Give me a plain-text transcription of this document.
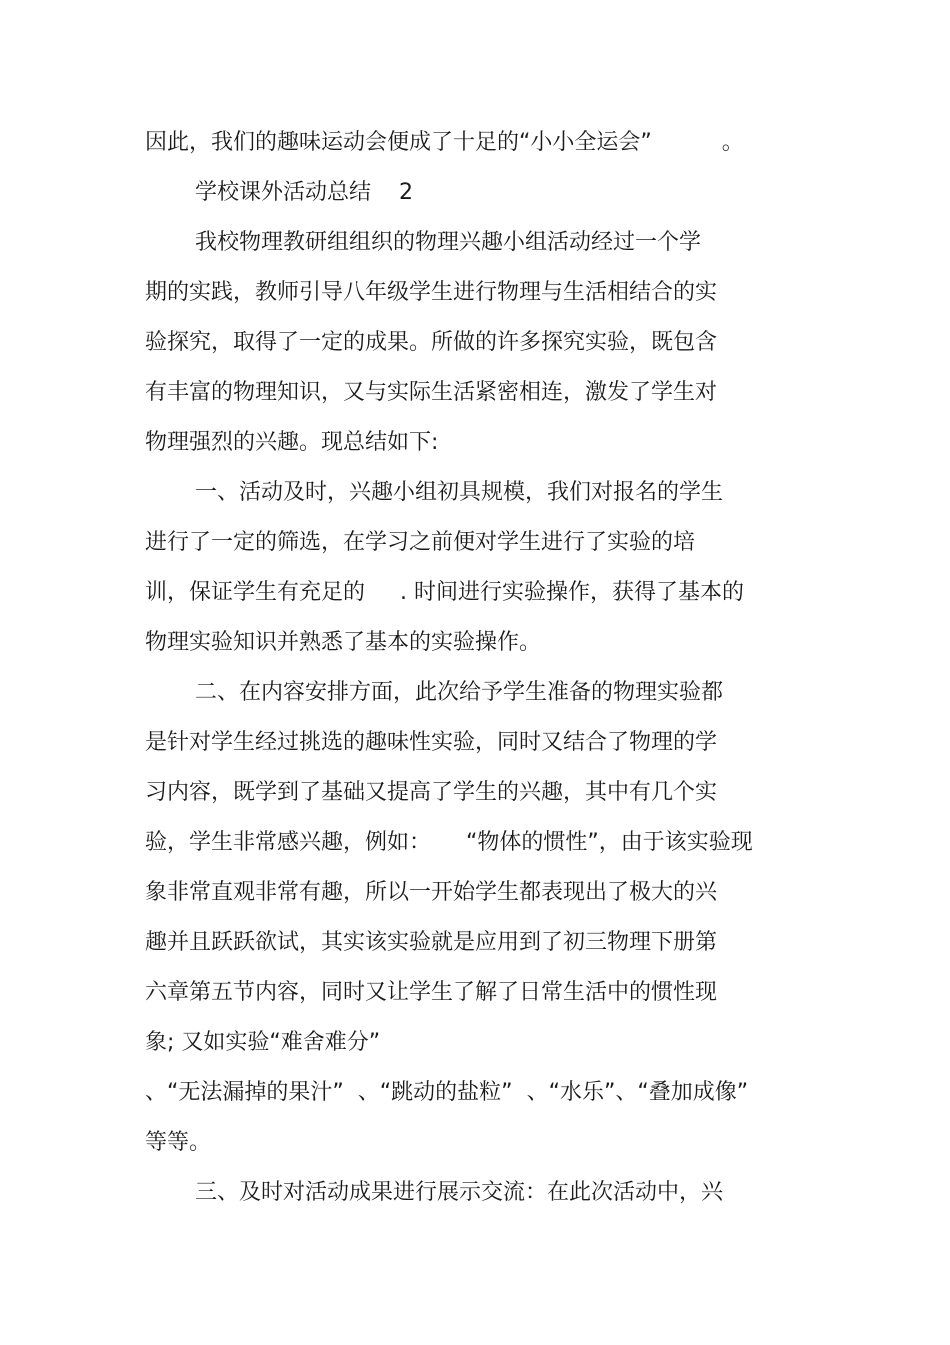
因此，我们的趣味运动会便成了十足的“小小全运会”          。
学校课外活动总结    2
我校物理教研组组织的物理兴趣小组活动经过一个学
期的实践，教师引导八年级学生进行物理与生活相结合的实
验探究，取得了一定的成果。所做的许多探究实验，既包含
有丰富的物理知识，又与实际生活紧密相连，激发了学生对
物理强烈的兴趣。现总结如下:
一、活动及时，兴趣小组初具规模，我们对报名的学生
进行了一定的筛选，在学习之前便对学生进行了实验的培
训，保证学生有充足的     . 时间进行实验操作，获得了基本的
物理实验知识并熟悉了基本的实验操作。
二、在内容安排方面，此次给予学生准备的物理实验都
是针对学生经过挑选的趣味性实验，同时又结合了物理的学
习内容，既学到了基础又提高了学生的兴趣，其中有几个实
验，学生非常感兴趣，例如：     “物体的惯性”，由于该实验现
象非常直观非常有趣，所以一开始学生都表现出了极大的兴
趣并且跃跃欲试，其实该实验就是应用到了初三物理下册第
六章第五节内容，同时又让学生了解了日常生活中的惯性现
象; 又如实验“难舍难分”
、“无法漏掉的果汁”  、“跳动的盐粒”  、“水乐”、“叠加成像”
等等。
三、及时对活动成果进行展示交流：在此次活动中，兴
